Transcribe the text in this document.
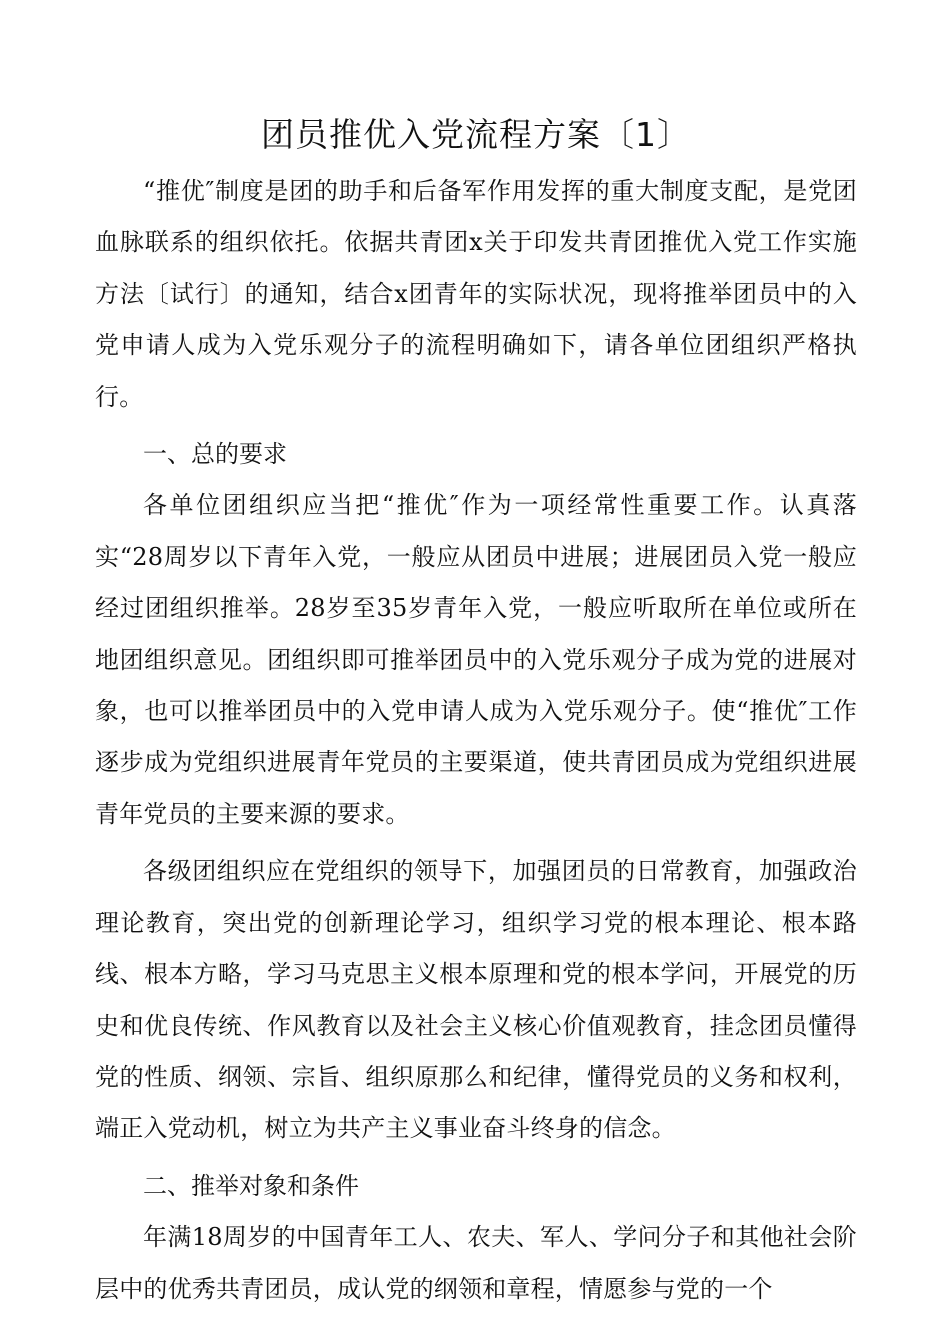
团员推优入党流程方案〔1〕

“推优″制度是团的助手和后备军作用发挥的重大制度支配，是党团血脉联系的组织依托。依据共青团x关于印发共青团推优入党工作实施方法〔试行〕的通知，结合x团青年的实际状况，现将推举团员中的入党申请人成为入党乐观分子的流程明确如下，请各单位团组织严格执行。

一、总的要求

各单位团组织应当把“推优″作为一项经常性重要工作。认真落实“28周岁以下青年入党，一般应从团员中进展；进展团员入党一般应经过团组织推举。28岁至35岁青年入党，一般应听取所在单位或所在地团组织意见。团组织即可推举团员中的入党乐观分子成为党的进展对象，也可以推举团员中的入党申请人成为入党乐观分子。使“推优″工作逐步成为党组织进展青年党员的主要渠道，使共青团员成为党组织进展青年党员的主要来源的要求。

各级团组织应在党组织的领导下，加强团员的日常教育，加强政治理论教育，突出党的创新理论学习，组织学习党的根本理论、根本路线、根本方略，学习马克思主义根本原理和党的根本学问，开展党的历史和优良传统、作风教育以及社会主义核心价值观教育，挂念团员懂得党的性质、纲领、宗旨、组织原那么和纪律，懂得党员的义务和权利，端正入党动机，树立为共产主义事业奋斗终身的信念。

二、推举对象和条件

年满18周岁的中国青年工人、农夫、军人、学问分子和其他社会阶层中的优秀共青团员，成认党的纲领和章程，情愿参与党的一个
